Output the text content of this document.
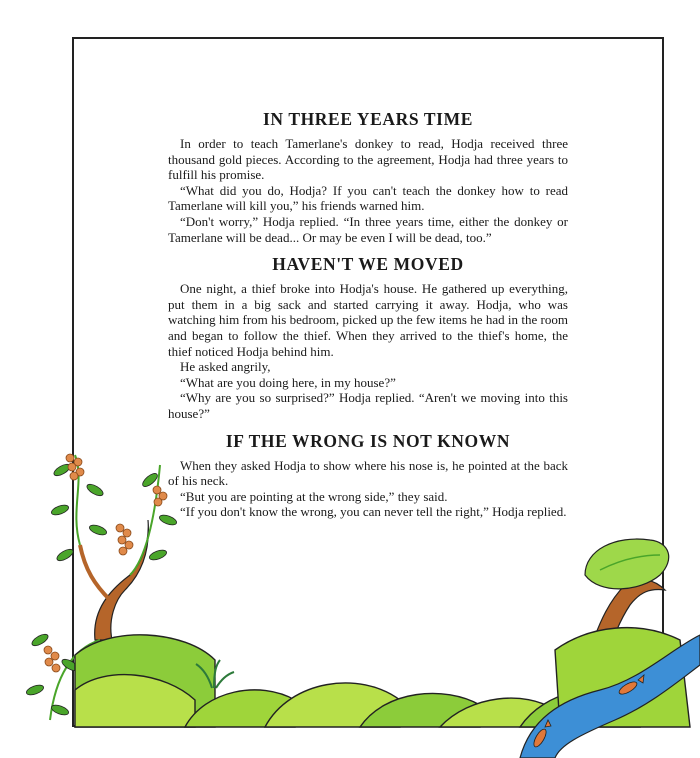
IN THREE YEARS TIME

In order to teach Tamerlane's donkey to read, Hodja received three thousand gold pieces. According to the agreement, Hodja had three years to fulfill his promise.

“What did you do, Hodja? If you can't teach the donkey how to read Tamerlane will kill you,” his friends warned him.

“Don't worry,” Hodja replied. “In three years time, either the donkey or Tamerlane will be dead... Or may be even I will be dead, too.”

HAVEN'T WE MOVED

One night, a thief broke into Hodja's house. He gathered up everything, put them in a big sack and started carrying it away. Hodja, who was watching him from his bedroom, picked up the few items he had in the room and began to follow the thief. When they arrived to the thief's home, the thief noticed Hodja behind him.

He asked angrily,

“What are you doing here, in my house?”

“Why are you so surprised?” Hodja replied. “Aren't we moving into this house?”

IF THE WRONG IS NOT KNOWN

When they asked Hodja to show where his nose is, he pointed at the back of his neck.

“But you are pointing at the wrong side,” they said.

“If you don't know the wrong, you can never tell the right,” Hodja replied.
